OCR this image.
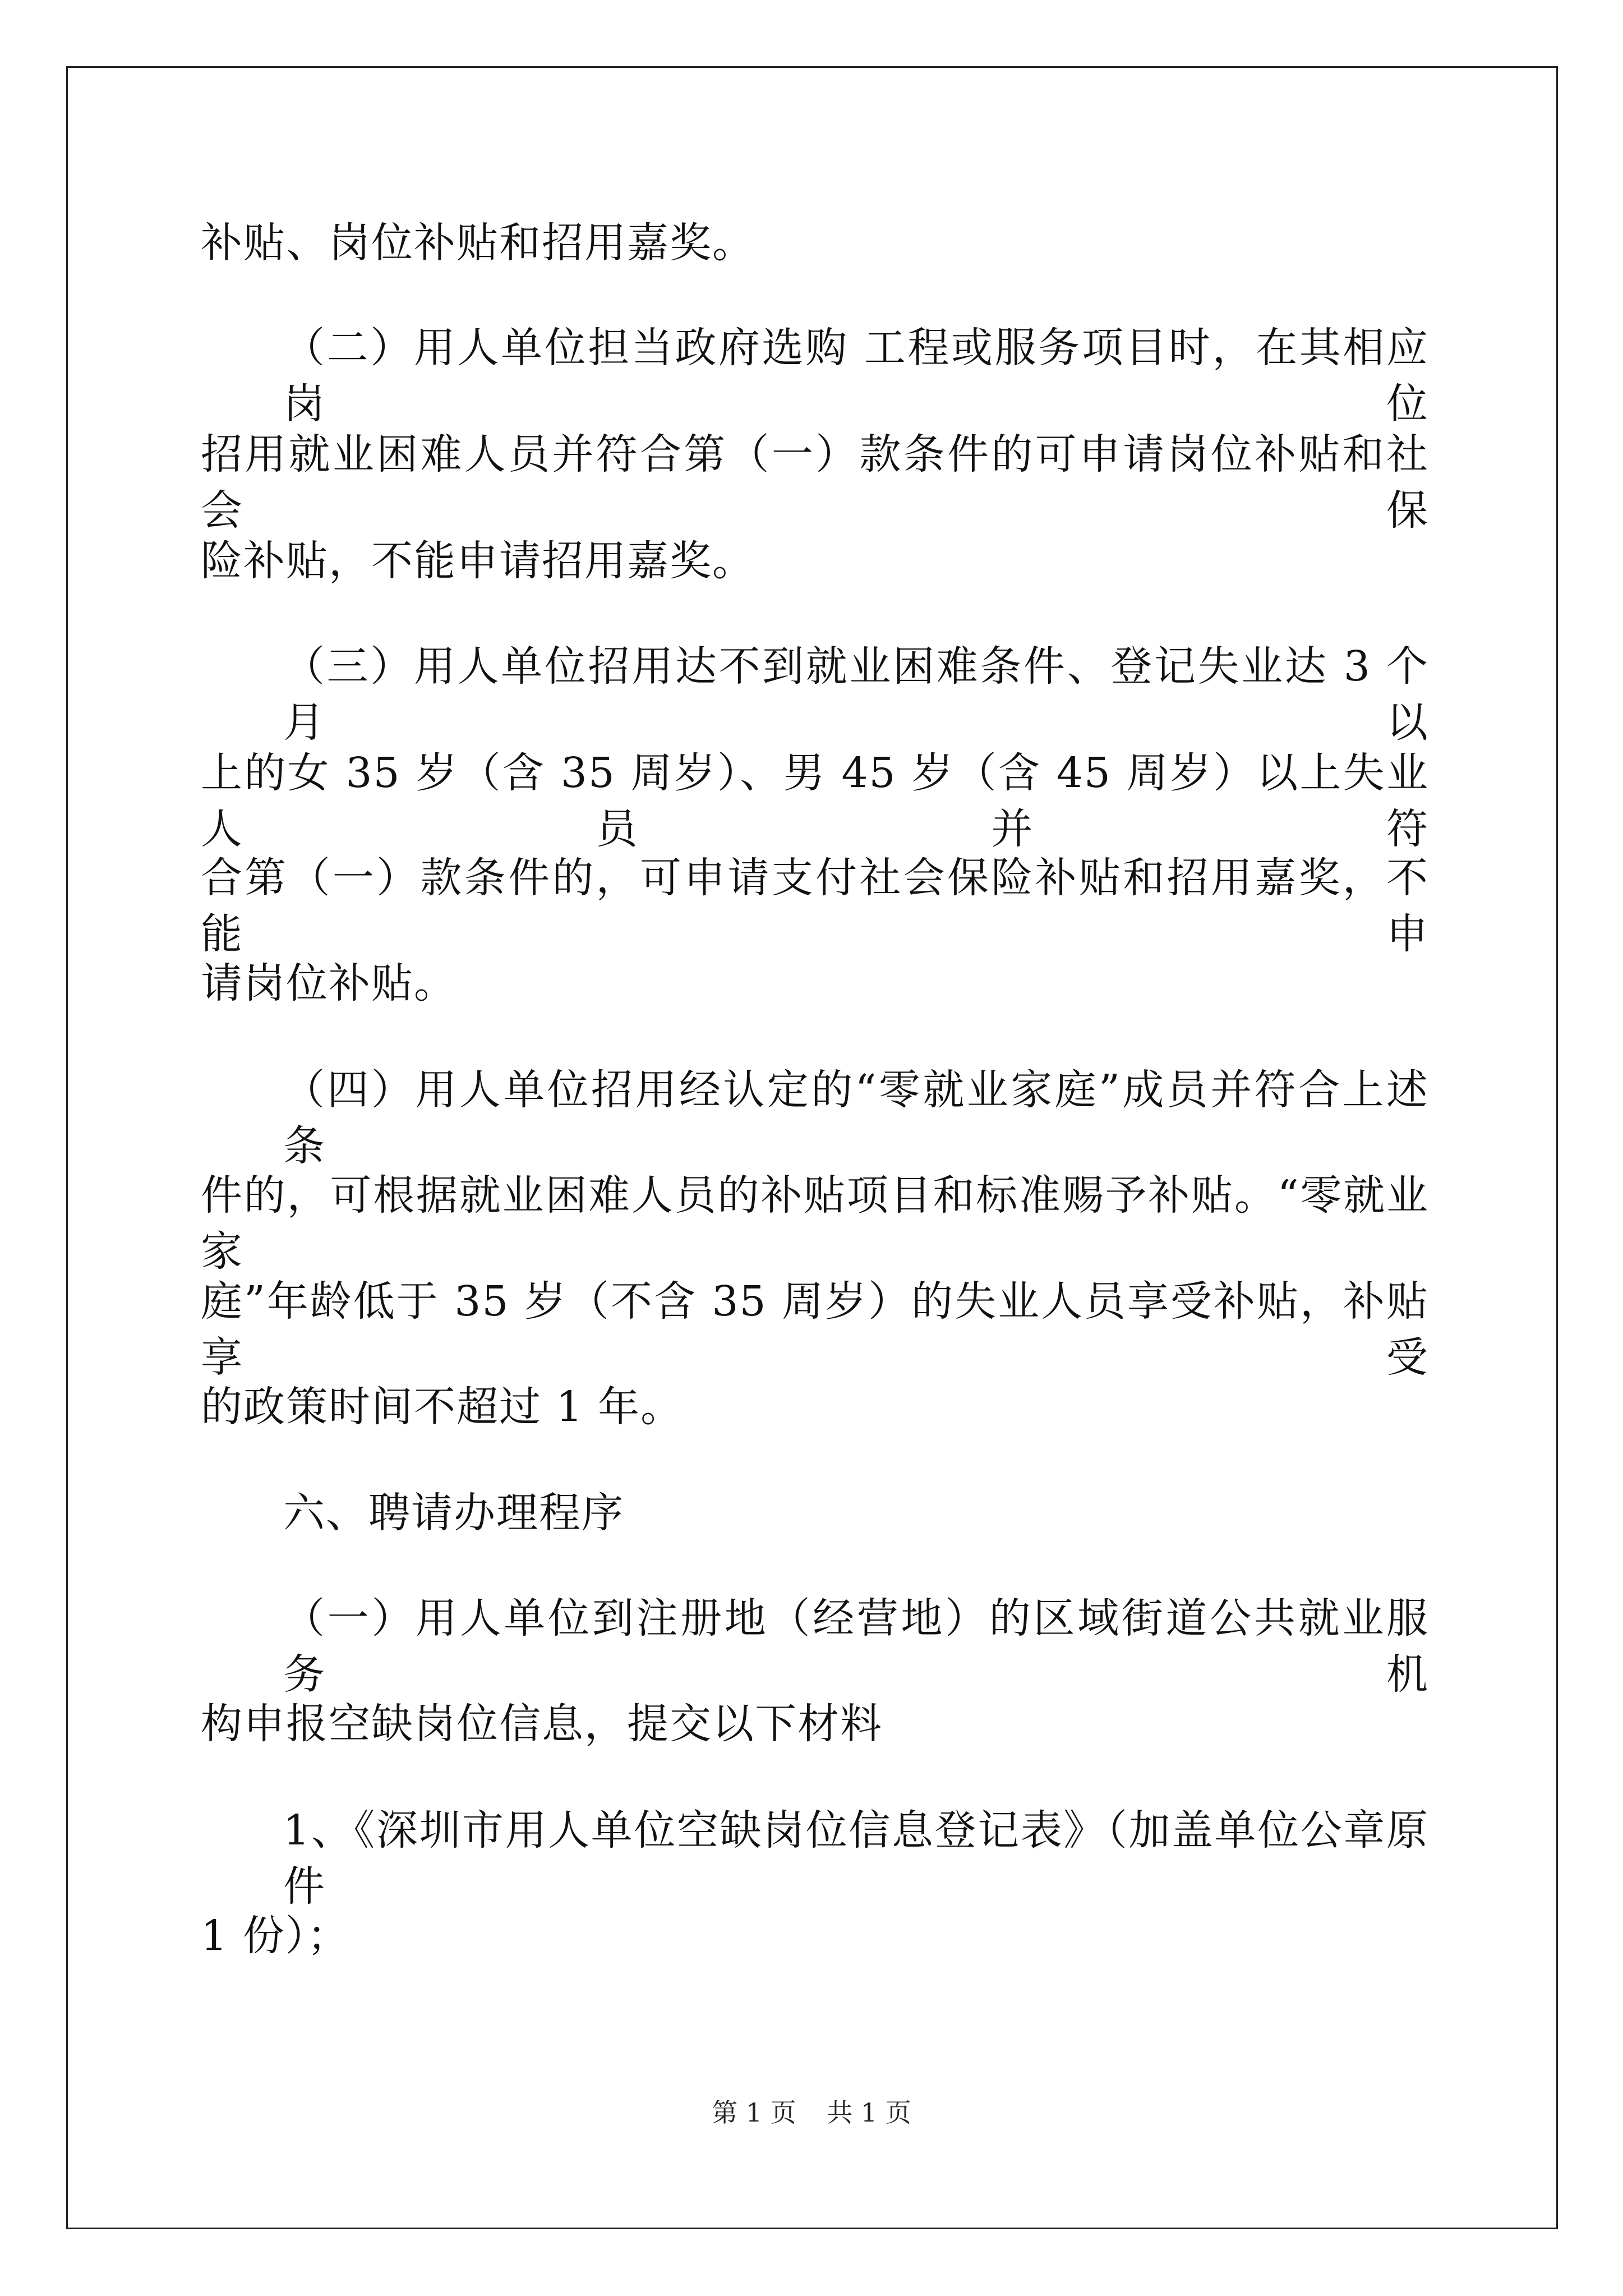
补贴、岗位补贴和招用嘉奖。
（二）用人单位担当政府选购 工程或服务项目时，在其相应岗位
招用就业困难人员并符合第（一）款条件的可申请岗位补贴和社会保
险补贴，不能申请招用嘉奖。
（三）用人单位招用达不到就业困难条件、登记失业达 3 个月以
上的女 35 岁（含 35 周岁）、男 45 岁（含 45 周岁）以上失业人员并符
合第（一）款条件的，可申请支付社会保险补贴和招用嘉奖，不能申
请岗位补贴。
（四）用人单位招用经认定的“零就业家庭”成员并符合上述条
件的，可根据就业困难人员的补贴项目和标准赐予补贴。“零就业家
庭”年龄低于 35 岁（不含 35 周岁）的失业人员享受补贴，补贴享受
的政策时间不超过 1 年。
六、聘请办理程序
（一）用人单位到注册地（经营地）的区域街道公共就业服务机
构申报空缺岗位信息，提交以下材料
1、《深圳市用人单位空缺岗位信息登记表》（加盖单位公章原件
1 份）；
第 1 页 共 1 页
